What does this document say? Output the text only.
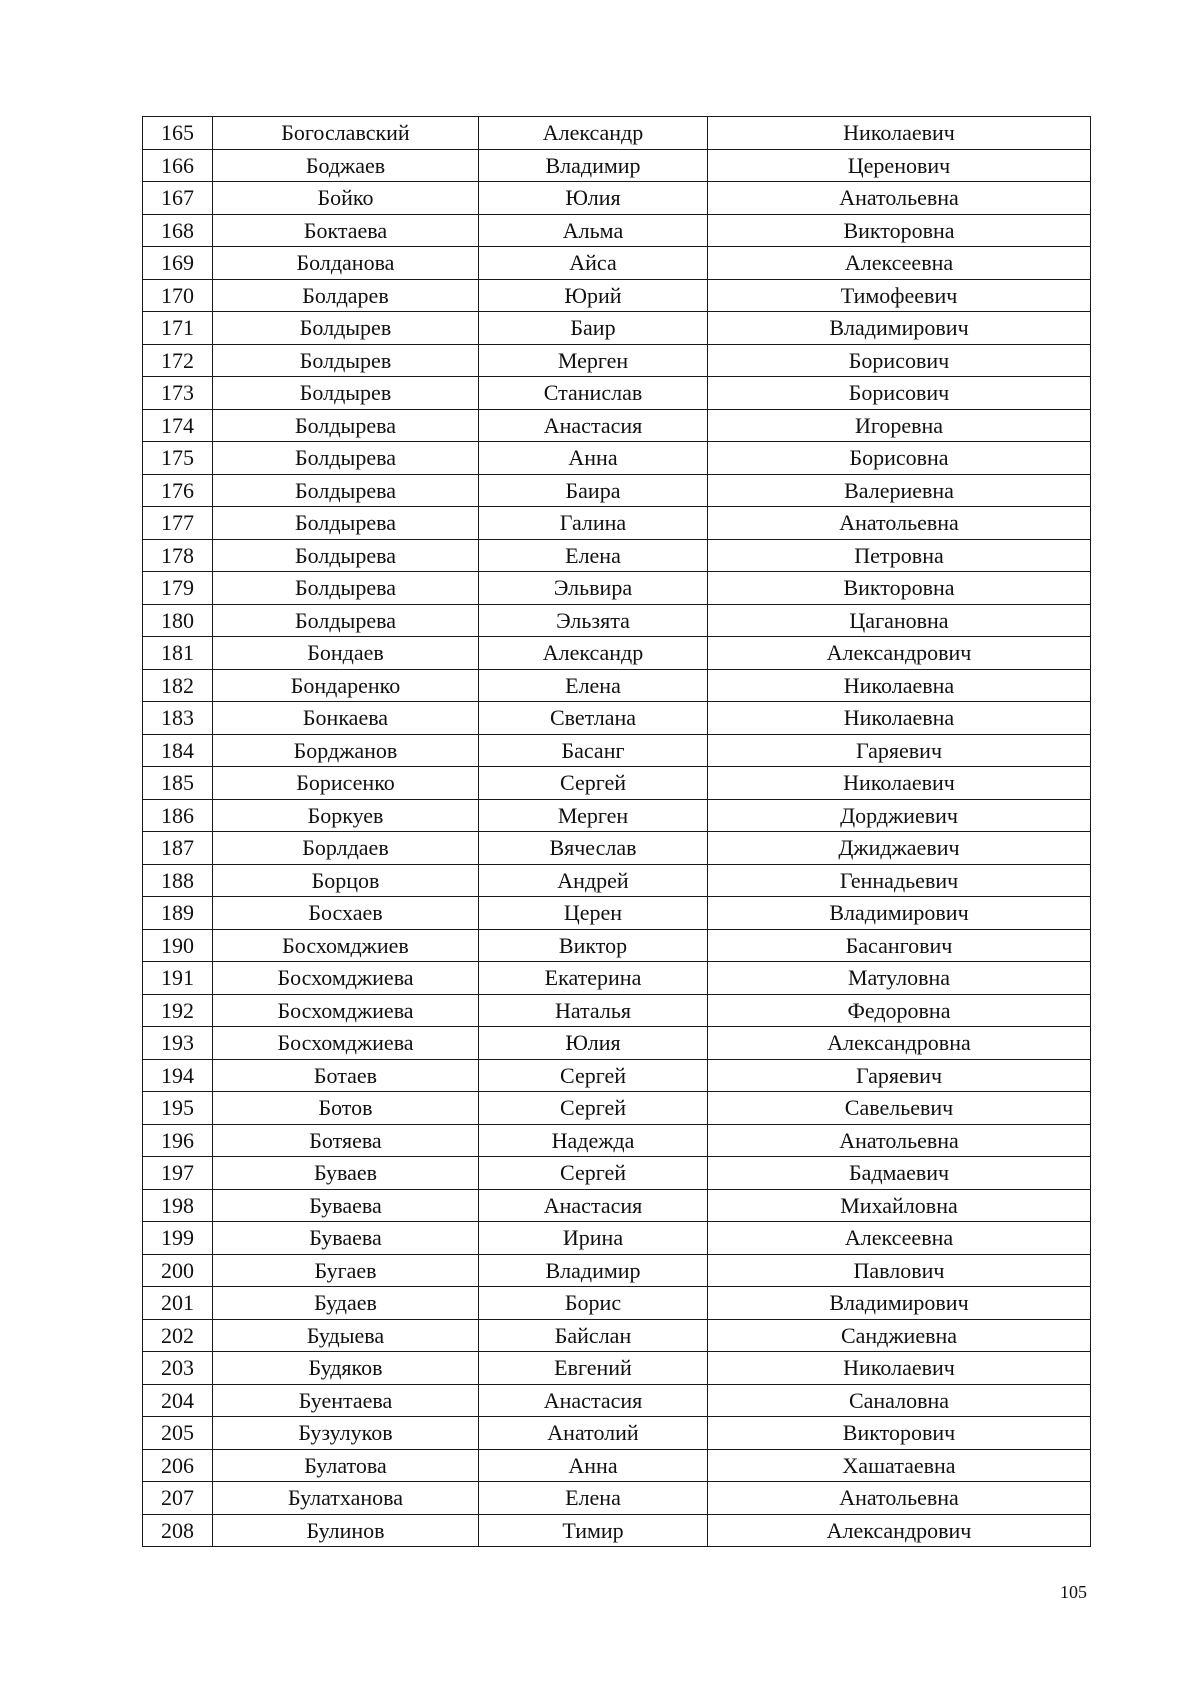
165	Богославский	Александр	Николаевич
166	Боджаев	Владимир	Церенович
167	Бойко	Юлия	Анатольевна
168	Боктаева	Альма	Викторовна
169	Болданова	Айса	Алексеевна
170	Болдарев	Юрий	Тимофеевич
171	Болдырев	Баир	Владимирович
172	Болдырев	Мерген	Борисович
173	Болдырев	Станислав	Борисович
174	Болдырева	Анастасия	Игоревна
175	Болдырева	Анна	Борисовна
176	Болдырева	Баира	Валериевна
177	Болдырева	Галина	Анатольевна
178	Болдырева	Елена	Петровна
179	Болдырева	Эльвира	Викторовна
180	Болдырева	Эльзята	Цагановна
181	Бондаев	Александр	Александрович
182	Бондаренко	Елена	Николаевна
183	Бонкаева	Светлана	Николаевна
184	Борджанов	Басанг	Гаряевич
185	Борисенко	Сергей	Николаевич
186	Боркуев	Мерген	Дорджиевич
187	Борлдаев	Вячеслав	Джиджаевич
188	Борцов	Андрей	Геннадьевич
189	Босхаев	Церен	Владимирович
190	Босхомджиев	Виктор	Басангович
191	Босхомджиева	Екатерина	Матуловна
192	Босхомджиева	Наталья	Федоровна
193	Босхомджиева	Юлия	Александровна
194	Ботаев	Сергей	Гаряевич
195	Ботов	Сергей	Савельевич
196	Ботяева	Надежда	Анатольевна
197	Буваев	Сергей	Бадмаевич
198	Буваева	Анастасия	Михайловна
199	Буваева	Ирина	Алексеевна
200	Бугаев	Владимир	Павлович
201	Будаев	Борис	Владимирович
202	Будыева	Байслан	Санджиевна
203	Будяков	Евгений	Николаевич
204	Буентаева	Анастасия	Саналовна
205	Бузулуков	Анатолий	Викторович
206	Булатова	Анна	Хашатаевна
207	Булатханова	Елена	Анатольевна
208	Булинов	Тимир	Александрович
105
